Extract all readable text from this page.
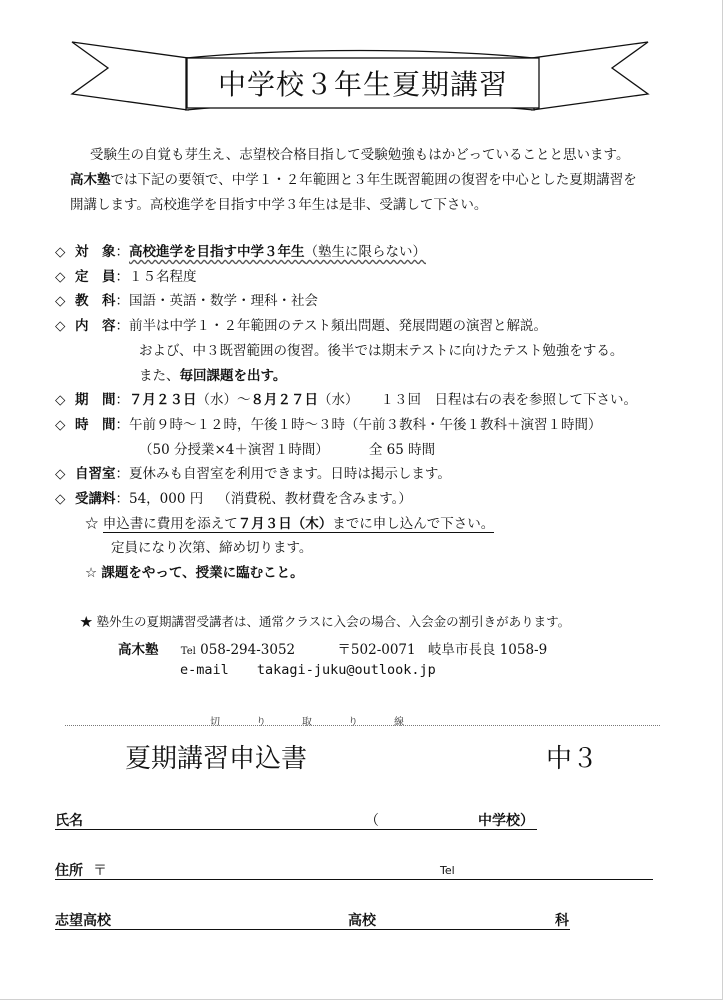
中学校３年生夏期講習

受験生の自覚も芽生え、志望校合格目指して受験勉強もはかどっていることと思います。

高木塾では下記の要領で、中学１・２年範囲と３年生既習範囲の復習を中心とした夏期講習を

開講します。高校進学を目指す中学３年生は是非、受講して下さい。

◇ 対　象 ： 高校進学を目指す中学３年生 （塾生に限らない）
◇ 定　員 ： １５名程度
◇ 教　科 ： 国語・英語・数学・理科・社会
◇ 内　容 ： 前半は中学１・２年範囲のテスト頻出問題、発展問題の演習と解説。
および、中３既習範囲の復習。後半では期末テストに向けたテスト勉強をする。
また、毎回課題を出す。
◇ 期　間 ： ７月２３日 （水）～ ８月２７日 （水）	１３回　日程は右の表を参照して下さい。
◇ 時　間 ： 午前９時～１２時，午後１時～３時（午前３教科・午後１教科＋演習１時間）
（50 分授業×4＋演習１時間）	全 65 時間
◇ 自習室 ： 夏休みも自習室を利用できます。日時は掲示します。
◇ 受講料 ： 54，000 円	（消費税、教材費を含みます。）
☆ 申込書に費用を添えて７月３日（木）までに申し込んで下さい。
定員になり次第、締め切ります。
☆ 課題をやって、授業に臨むこと。
★ 塾外生の夏期講習受講者は、通常クラスに入会の場合、入会金の割引きがあります。
高木塾 Tel 058-294-3052	〒502-0071 岐阜市長良 1058-9
e-mail takagi-juku@outlook.jp
切	り	取	り	線
夏期講習申込書	中３
氏名	（	中学校）
住所 〒	Tel
志望高校	高校	科
